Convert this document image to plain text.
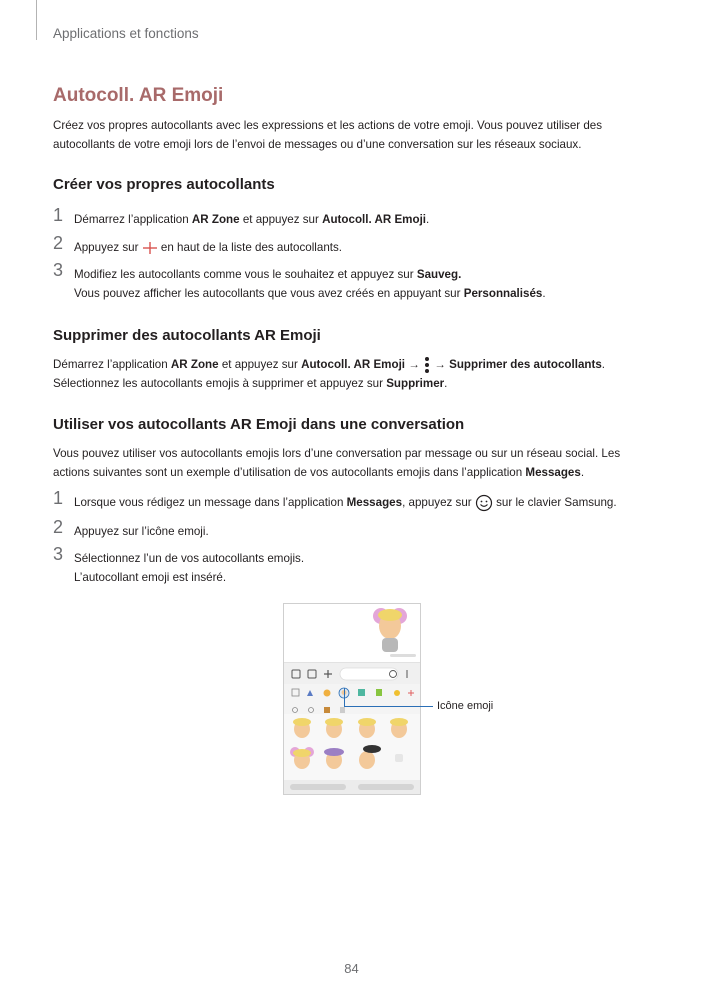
Applications et fonctions
Autocoll. AR Emoji
Créez vos propres autocollants avec les expressions et les actions de votre emoji. Vous pouvez utiliser des
autocollants de votre emoji lors de l’envoi de messages ou d’une conversation sur les réseaux sociaux.
Créer vos propres autocollants
1 Démarrez l’application AR Zone et appuyez sur Autocoll. AR Emoji.
2 Appuyez sur  en haut de la liste des autocollants.
3 Modifiez les autocollants comme vous le souhaitez et appuyez sur Sauveg.
Vous pouvez afficher les autocollants que vous avez créés en appuyant sur Personnalisés.
Supprimer des autocollants AR Emoji
Démarrez l’application AR Zone et appuyez sur Autocoll. AR Emoji →  → Supprimer des autocollants.
Sélectionnez les autocollants emojis à supprimer et appuyez sur Supprimer.
Utiliser vos autocollants AR Emoji dans une conversation
Vous pouvez utiliser vos autocollants emojis lors d’une conversation par message ou sur un réseau social. Les
actions suivantes sont un exemple d’utilisation de vos autocollants emojis dans l’application Messages.
1 Lorsque vous rédigez un message dans l’application Messages, appuyez sur  sur le clavier Samsung.
2 Appuyez sur l’icône emoji.
3 Sélectionnez l’un de vos autocollants emojis.
L’autocollant emoji est inséré.
Icône emoji
84
